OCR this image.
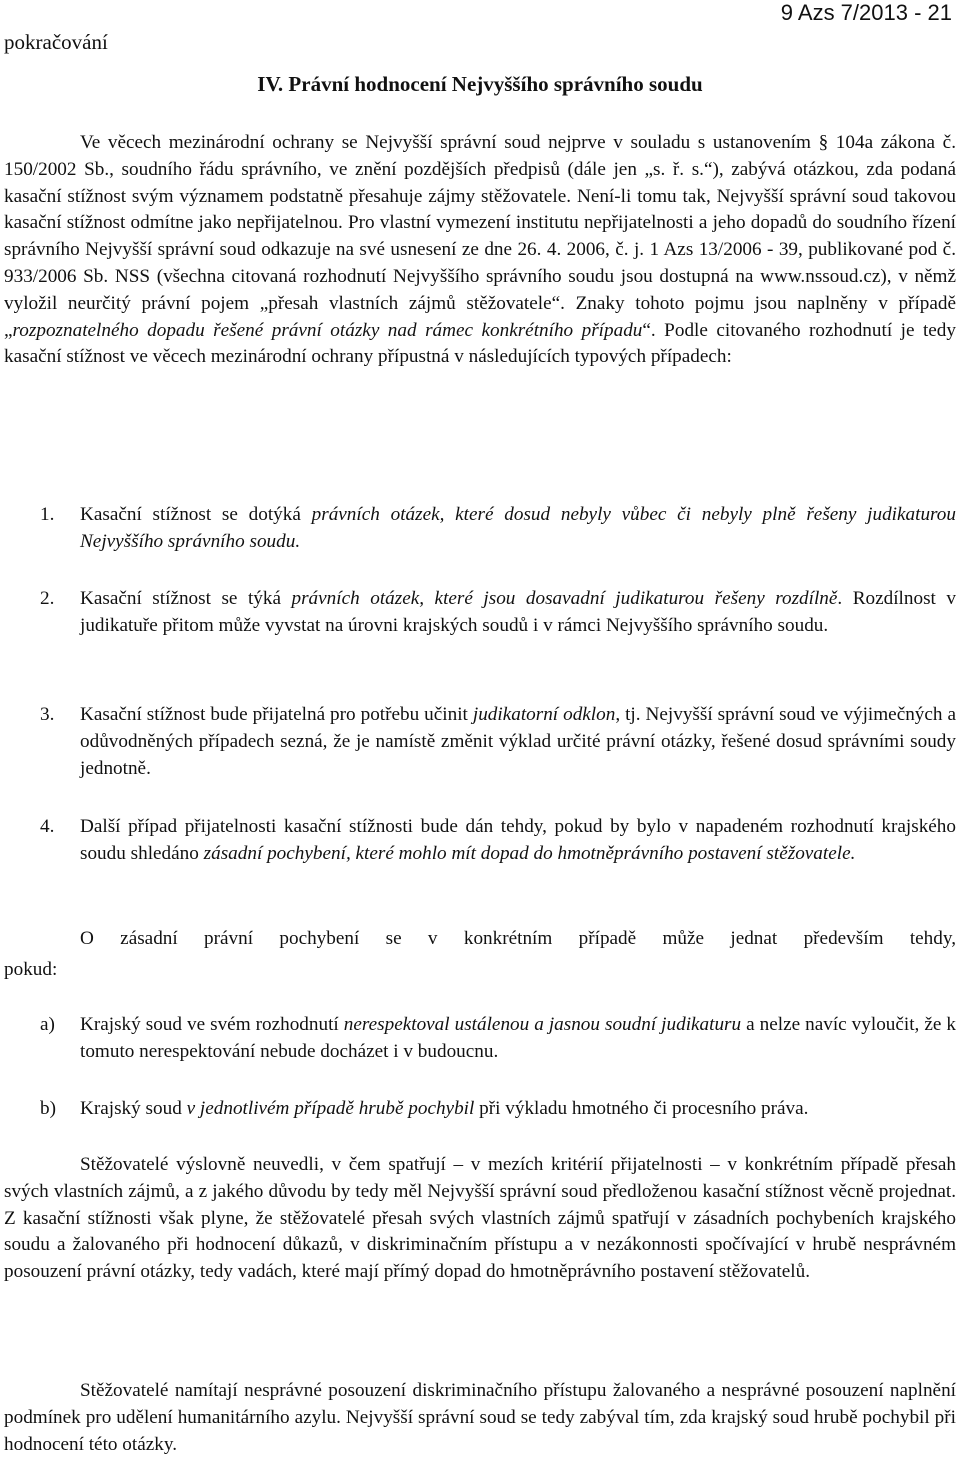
pokračování
9 Azs 7/2013 - 21
IV. Právní hodnocení Nejvyššího správního soudu
Ve věcech mezinárodní ochrany se Nejvyšší správní soud nejprve v souladu s ustanovením § 104a zákona č. 150/2002 Sb., soudního řádu správního, ve znění pozdějších předpisů (dále jen „s. ř. s.“), zabývá otázkou, zda podaná kasační stížnost svým významem podstatně přesahuje zájmy stěžovatele. Není-li tomu tak, Nejvyšší správní soud takovou kasační stížnost odmítne jako nepřijatelnou. Pro vlastní vymezení institutu nepřijatelnosti a jeho dopadů do soudního řízení správního Nejvyšší správní soud odkazuje na své usnesení ze dne 26. 4. 2006, č. j. 1 Azs 13/2006 - 39, publikované pod č. 933/2006 Sb. NSS (všechna citovaná rozhodnutí Nejvyššího správního soudu jsou dostupná na www.nssoud.cz), v němž vyložil neurčitý právní pojem „přesah vlastních zájmů stěžovatele“. Znaky tohoto pojmu jsou naplněny v případě „rozpoznatelného dopadu řešené právní otázky nad rámec konkrétního případu“. Podle citovaného rozhodnutí je tedy kasační stížnost ve věcech mezinárodní ochrany přípustná v následujících typových případech:
1. Kasační stížnost se dotýká právních otázek, které dosud nebyly vůbec či nebyly plně řešeny judikaturou Nejvyššího správního soudu.
2. Kasační stížnost se týká právních otázek, které jsou dosavadní judikaturou řešeny rozdílně. Rozdílnost v judikatuře přitom může vyvstat na úrovni krajských soudů i v rámci Nejvyššího správního soudu.
3. Kasační stížnost bude přijatelná pro potřebu učinit judikatorní odklon, tj. Nejvyšší správní soud ve výjimečných a odůvodněných případech sezná, že je namístě změnit výklad určité právní otázky, řešené dosud správními soudy jednotně.
4. Další případ přijatelnosti kasační stížnosti bude dán tehdy, pokud by bylo v napadeném rozhodnutí krajského soudu shledáno zásadní pochybení, které mohlo mít dopad do hmotněprávního postavení stěžovatele.
O zásadní právní pochybení se v konkrétním případě může jednat především tehdy,
pokud:
a) Krajský soud ve svém rozhodnutí nerespektoval ustálenou a jasnou soudní judikaturu a nelze navíc vyloučit, že k tomuto nerespektování nebude docházet i v budoucnu.
b) Krajský soud v jednotlivém případě hrubě pochybil při výkladu hmotného či procesního práva.
Stěžovatelé výslovně neuvedli, v čem spatřují – v mezích kritérií přijatelnosti – v konkrétním případě přesah svých vlastních zájmů, a z jakého důvodu by tedy měl Nejvyšší správní soud předloženou kasační stížnost věcně projednat. Z kasační stížnosti však plyne, že stěžovatelé přesah svých vlastních zájmů spatřují v zásadních pochybeních krajského soudu a žalovaného při hodnocení důkazů, v diskriminačním přístupu a v nezákonnosti spočívající v hrubě nesprávném posouzení právní otázky, tedy vadách, které mají přímý dopad do hmotněprávního postavení stěžovatelů.
Stěžovatelé namítají nesprávné posouzení diskriminačního přístupu žalovaného a nesprávné posouzení naplnění podmínek pro udělení humanitárního azylu. Nejvyšší správní soud se tedy zabýval tím, zda krajský soud hrubě pochybil při hodnocení této otázky.
